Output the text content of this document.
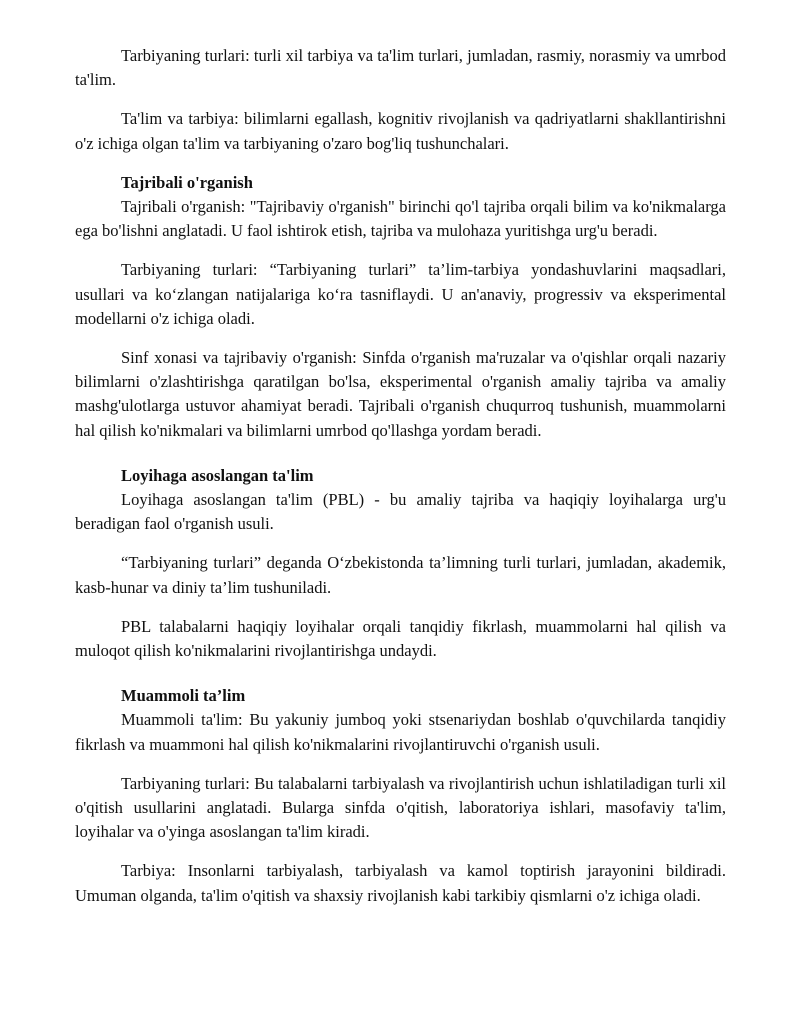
Tarbiyaning turlari: turli xil tarbiya va ta'lim turlari, jumladan, rasmiy, norasmiy va umrbod ta'lim.

Ta'lim va tarbiya: bilimlarni egallash, kognitiv rivojlanish va qadriyatlarni shakllantirishni o'z ichiga olgan ta'lim va tarbiyaning o'zaro bog'liq tushunchalari.

Tajribali o'rganish

Tajribali o'rganish: "Tajribaviy o'rganish" birinchi qo'l tajriba orqali bilim va ko'nikmalarga ega bo'lishni anglatadi. U faol ishtirok etish, tajriba va mulohaza yuritishga urg'u beradi.

Tarbiyaning turlari: “Tarbiyaning turlari” ta’lim-tarbiya yondashuvlarini maqsadlari, usullari va ko‘zlangan natijalariga ko‘ra tasniflaydi. U an'anaviy, progressiv va eksperimental modellarni o'z ichiga oladi.

Sinf xonasi va tajribaviy o'rganish: Sinfda o'rganish ma'ruzalar va o'qishlar orqali nazariy bilimlarni o'zlashtirishga qaratilgan bo'lsa, eksperimental o'rganish amaliy tajriba va amaliy mashg'ulotlarga ustuvor ahamiyat beradi. Tajribali o'rganish chuqurroq tushunish, muammolarni hal qilish ko'nikmalari va bilimlarni umrbod qo'llashga yordam beradi.

Loyihaga asoslangan ta'lim

Loyihaga asoslangan ta'lim (PBL) - bu amaliy tajriba va haqiqiy loyihalarga urg'u beradigan faol o'rganish usuli.

“Tarbiyaning turlari” deganda O‘zbekistonda ta’limning turli turlari, jumladan, akademik, kasb-hunar va diniy ta’lim tushuniladi.

PBL talabalarni haqiqiy loyihalar orqali tanqidiy fikrlash, muammolarni hal qilish va muloqot qilish ko'nikmalarini rivojlantirishga undaydi.

Muammoli ta’lim

Muammoli ta'lim: Bu yakuniy jumboq yoki stsenariydan boshlab o'quvchilarda tanqidiy fikrlash va muammoni hal qilish ko'nikmalarini rivojlantiruvchi o'rganish usuli.

Tarbiyaning turlari: Bu talabalarni tarbiyalash va rivojlantirish uchun ishlatiladigan turli xil o'qitish usullarini anglatadi. Bularga sinfda o'qitish, laboratoriya ishlari, masofaviy ta'lim, loyihalar va o'yinga asoslangan ta'lim kiradi.

Tarbiya: Insonlarni tarbiyalash, tarbiyalash va kamol toptirish jarayonini bildiradi. Umuman olganda, ta'lim o'qitish va shaxsiy rivojlanish kabi tarkibiy qismlarni o'z ichiga oladi.
